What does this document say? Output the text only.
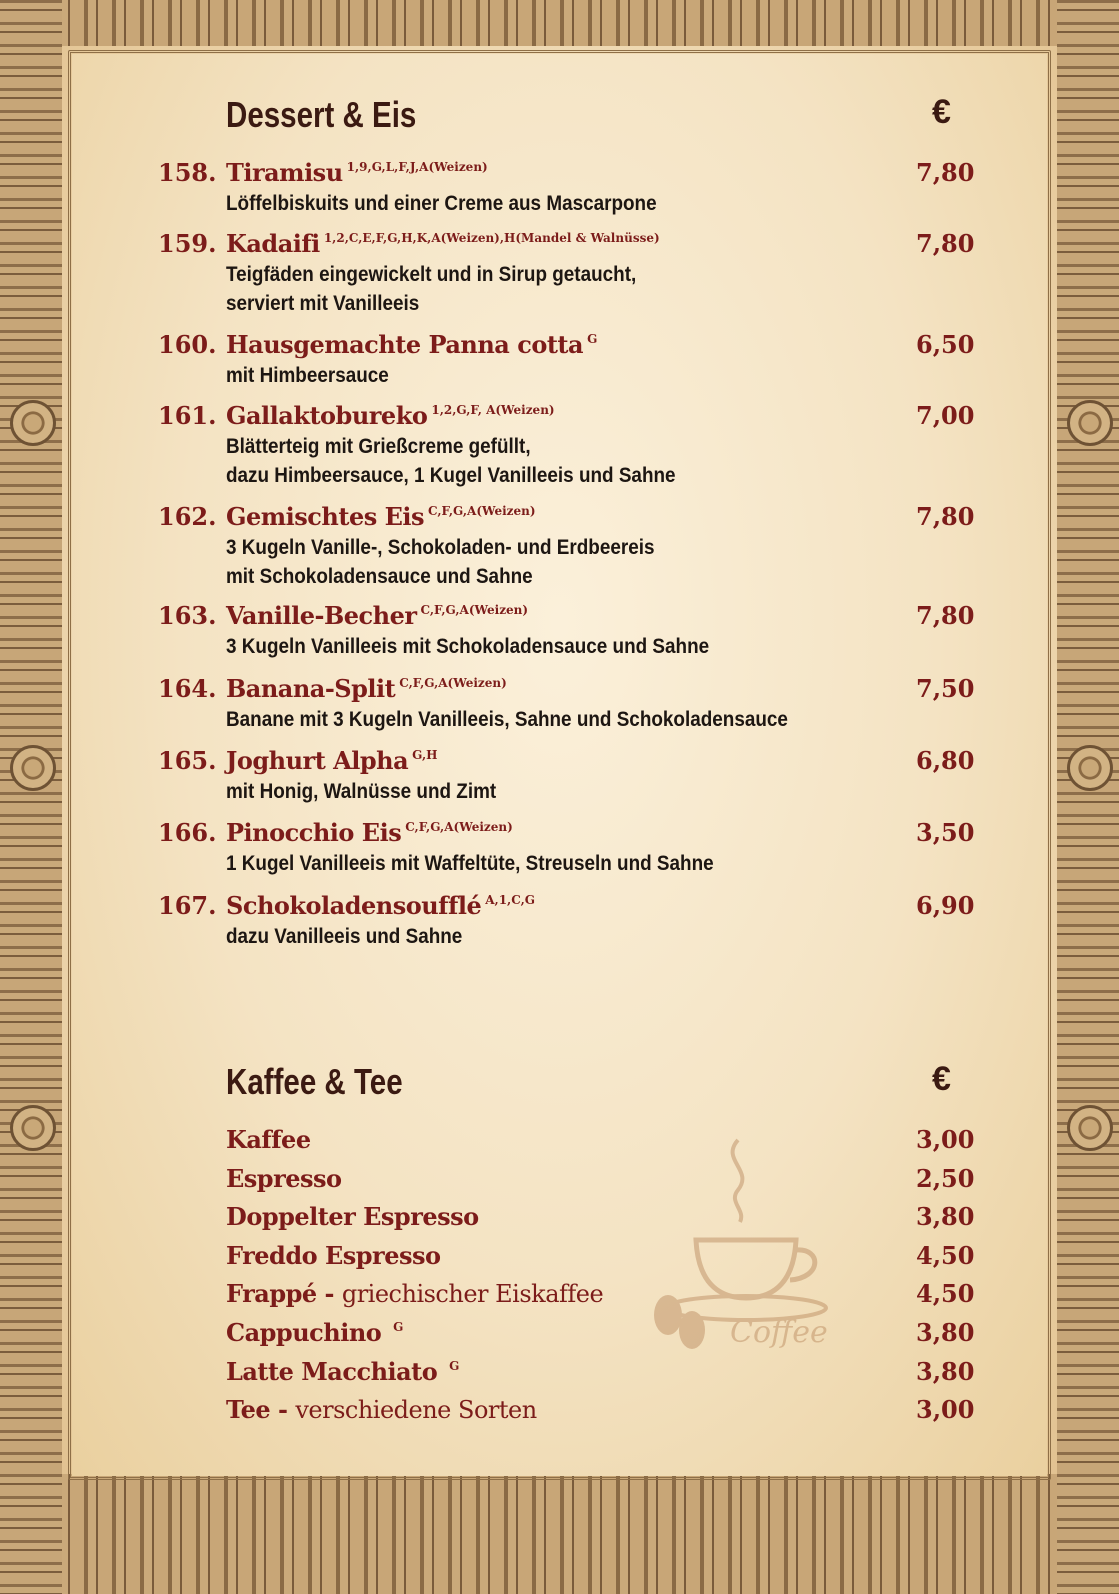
Dessert & Eis	€
158. Tiramisu $^{1,9,G,L,F,J,A(Weizen)}$	7,80
Löffelbiskuits und einer Creme aus Mascarpone
159. Kadaifi $^{1,2,C,E,F,G,H,K,A(Weizen),H(Mandel \& Walnüsse)}$	7,80
Teigfäden eingewickelt und in Sirup getaucht,
serviert mit Vanilleeis
160. Hausgemachte Panna cotta $^G$	6,50
mit Himbeersauce
161. Gallaktobureko $^{1,2,G,F, A(Weizen)}$	7,00
Blätterteig mit Grießcreme gefüllt,
dazu Himbeersauce, 1 Kugel Vanilleeis und Sahne
162. Gemischtes Eis $^{C,F,G,A(Weizen)}$	7,80
3 Kugeln Vanille-, Schokoladen- und Erdbeereis
mit Schokoladensauce und Sahne
163. Vanille-Becher $^{C,F,G,A(Weizen)}$	7,80
3 Kugeln Vanilleeis mit Schokoladensauce und Sahne
164. Banana-Split $^{C,F,G,A(Weizen)}$	7,50
Banane mit 3 Kugeln Vanilleeis, Sahne und Schokoladensauce
165. Joghurt Alpha $^{G,H}$	6,80
mit Honig, Walnüsse und Zimt
166. Pinocchio Eis $^{C,F,G,A(Weizen)}$	3,50
1 Kugel Vanilleeis mit Waffeltüte, Streuseln und Sahne
167. Schokoladensoufflé $^{A,1,C,G}$	6,90
dazu Vanilleeis und Sahne
Kaffee & Tee	€
Kaffee	3,00
Espresso	2,50
Doppelter Espresso	3,80
Freddo Espresso	4,50
Frappé - griechischer Eiskaffee	4,50
Cappuchino $^G$	3,80
Latte Macchiato $^G$	3,80
Tee - verschiedene Sorten	3,00
Coffee
